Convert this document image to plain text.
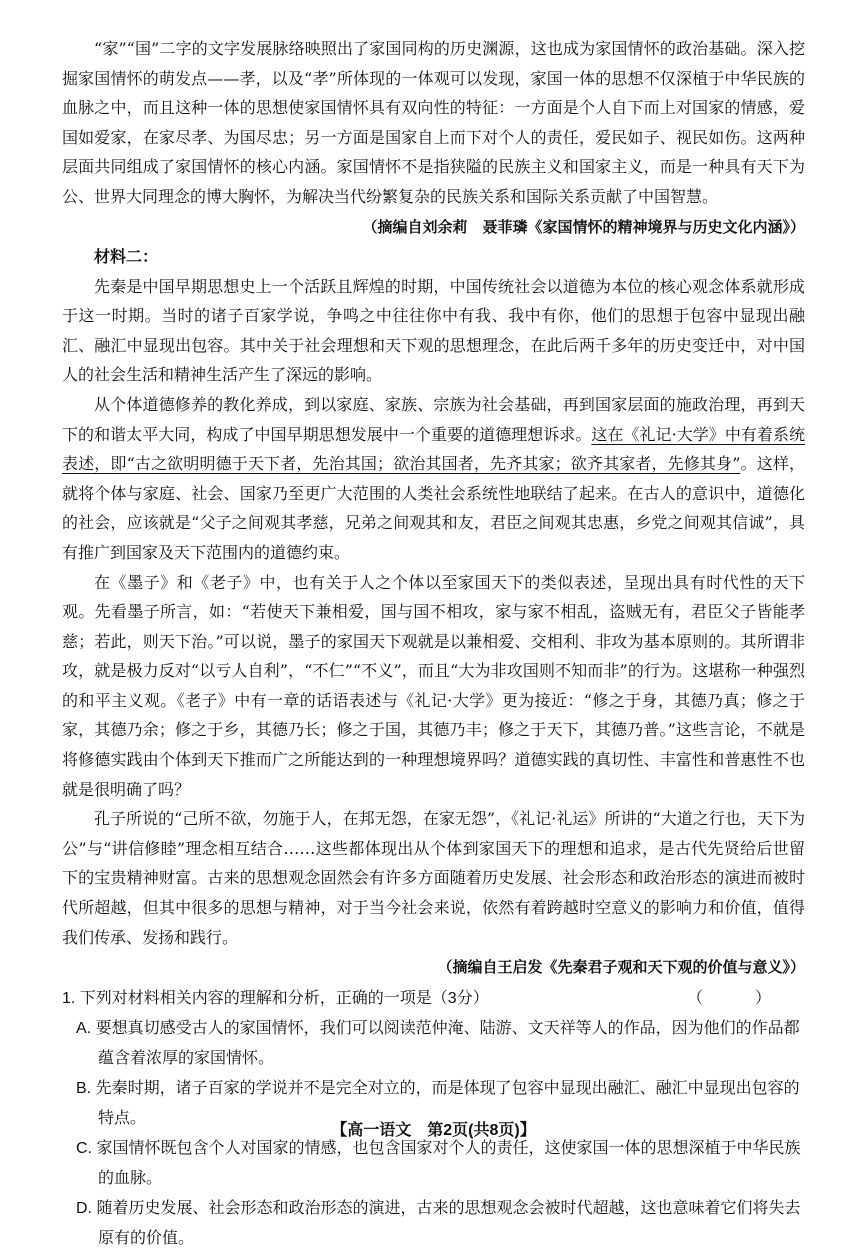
“家”“国”二字的文字发展脉络映照出了家国同构的历史渊源，这也成为家国情怀的政治基础。深入挖掘家国情怀的萌发点——孝，以及“孝”所体现的一体观可以发现，家国一体的思想不仅深植于中华民族的血脉之中，而且这种一体的思想使家国情怀具有双向性的特征：一方面是个人自下而上对国家的情感，爱国如爱家，在家尽孝、为国尽忠；另一方面是国家自上而下对个人的责任，爱民如子、视民如伤。这两种层面共同组成了家国情怀的核心内涵。家国情怀不是指狭隘的民族主义和国家主义，而是一种具有天下为公、世界大同理念的博大胸怀，为解决当代纷繁复杂的民族关系和国际关系贡献了中国智慧。

（摘编自刘余莉　聂菲璘《家国情怀的精神境界与历史文化内涵》）

材料二：

先秦是中国早期思想史上一个活跃且辉煌的时期，中国传统社会以道德为本位的核心观念体系就形成于这一时期。当时的诸子百家学说，争鸣之中往往你中有我、我中有你，他们的思想于包容中显现出融汇、融汇中显现出包容。其中关于社会理想和天下观的思想理念，在此后两千多年的历史变迁中，对中国人的社会生活和精神生活产生了深远的影响。

从个体道德修养的教化养成，到以家庭、家族、宗族为社会基础，再到国家层面的施政治理，再到天下的和谐太平大同，构成了中国早期思想发展中一个重要的道德理想诉求。这在《礼记·大学》中有着系统表述，即“古之欲明明德于天下者，先治其国；欲治其国者，先齐其家；欲齐其家者，先修其身”。这样，就将个体与家庭、社会、国家乃至更广大范围的人类社会系统性地联结了起来。在古人的意识中，道德化的社会，应该就是“父子之间观其孝慈，兄弟之间观其和友，君臣之间观其忠惠，乡党之间观其信诚”，具有推广到国家及天下范围内的道德约束。

在《墨子》和《老子》中，也有关于人之个体以至家国天下的类似表述，呈现出具有时代性的天下观。先看墨子所言，如：“若使天下兼相爱，国与国不相攻，家与家不相乱，盗贼无有，君臣父子皆能孝慈；若此，则天下治。”可以说，墨子的家国天下观就是以兼相爱、交相利、非攻为基本原则的。其所谓非攻，就是极力反对“以亏人自利”，“不仁”“不义”，而且“大为非攻国则不知而非”的行为。这堪称一种强烈的和平主义观。《老子》中有一章的话语表述与《礼记·大学》更为接近：“修之于身，其德乃真；修之于家，其德乃余；修之于乡，其德乃长；修之于国，其德乃丰；修之于天下，其德乃普。”这些言论，不就是将修德实践由个体到天下推而广之所能达到的一种理想境界吗？道德实践的真切性、丰富性和普惠性不也就是很明确了吗？

孔子所说的“己所不欲，勿施于人，在邦无怨，在家无怨”，《礼记·礼运》所讲的“大道之行也，天下为公”与“讲信修睦”理念相互结合……这些都体现出从个体到家国天下的理想和追求，是古代先贤给后世留下的宝贵精神财富。古来的思想观念固然会有许多方面随着历史发展、社会形态和政治形态的演进而被时代所超越，但其中很多的思想与精神，对于当今社会来说，依然有着跨越时空意义的影响力和价值，值得我们传承、发扬和践行。

（摘编自王启发《先秦君子观和天下观的价值与意义》）

1. 下列对材料相关内容的理解和分析，正确的一项是（3分）	（　）

A. 要想真切感受古人的家国情怀，我们可以阅读范仲淹、陆游、文天祥等人的作品，因为他们的作品都蕴含着浓厚的家国情怀。

B. 先秦时期，诸子百家的学说并不是完全对立的，而是体现了包容中显现出融汇、融汇中显现出包容的特点。

C. 家国情怀既包含个人对国家的情感，也包含国家对个人的责任，这使家国一体的思想深植于中华民族的血脉。

D. 随着历史发展、社会形态和政治形态的演进，古来的思想观念会被时代超越，这也意味着它们将失去原有的价值。

【高一语文　第2页(共8页)】
